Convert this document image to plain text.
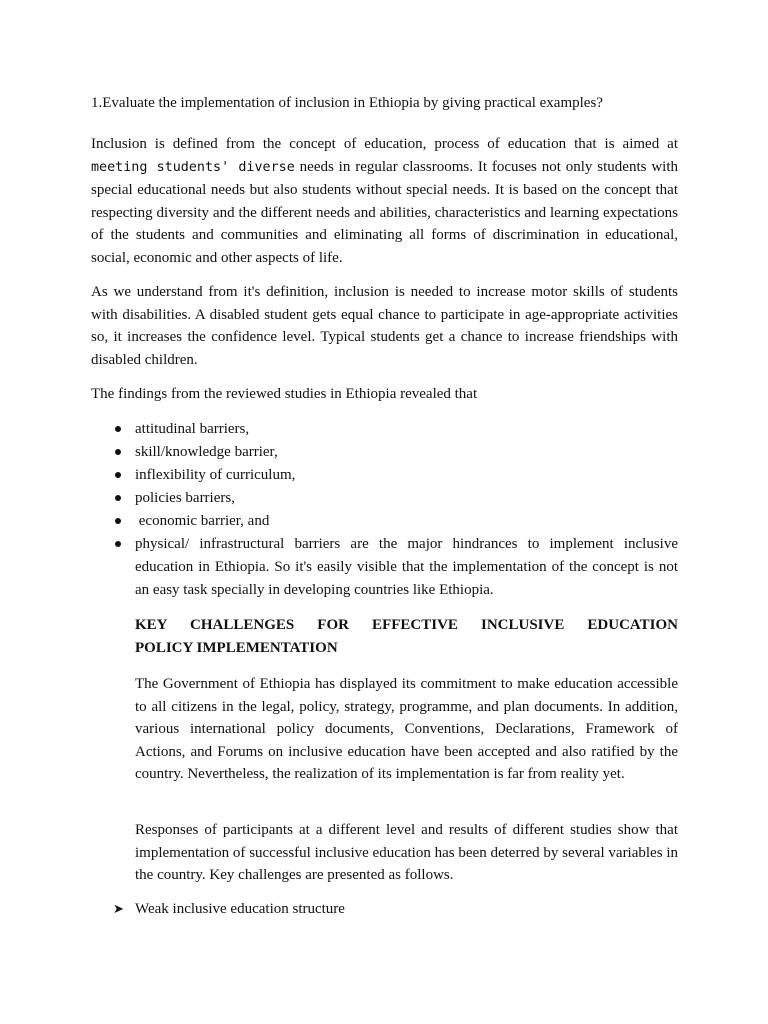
1.Evaluate the implementation of inclusion in Ethiopia by giving practical examples?

Inclusion is defined from the concept of education, process of education that is aimed at meeting students' diverse needs in regular classrooms. It focuses not only students with special educational needs but also students without special needs. It is based on the concept that respecting diversity and the different needs and abilities, characteristics and learning expectations of the students and communities and eliminating all forms of discrimination in educational, social, economic and other aspects of life.

As we understand from it's definition, inclusion is needed to increase motor skills of students with disabilities. A disabled student gets equal chance to participate in age-appropriate activities so, it increases the confidence level. Typical students get a chance to increase friendships with disabled children.

The findings from the reviewed studies in Ethiopia revealed that

attitudinal barriers,
skill/knowledge barrier,
inflexibility of curriculum,
policies barriers,
economic barrier, and
physical/ infrastructural barriers are the major hindrances to implement inclusive education in Ethiopia. So it's easily visible that the implementation of the concept is not an easy task specially in developing countries like Ethiopia.
KEY CHALLENGES FOR EFFECTIVE INCLUSIVE EDUCATION
POLICY IMPLEMENTATION

The Government of Ethiopia has displayed its commitment to make education accessible to all citizens in the legal, policy, strategy, programme, and plan documents. In addition, various international policy documents, Conventions, Declarations, Framework of Actions, and Forums on inclusive education have been accepted and also ratified by the country. Nevertheless, the realization of its implementation is far from reality yet.

Responses of participants at a different level and results of different studies show that implementation of successful inclusive education has been deterred by several variables in the country. Key challenges are presented as follows.

➤ Weak inclusive education structure
